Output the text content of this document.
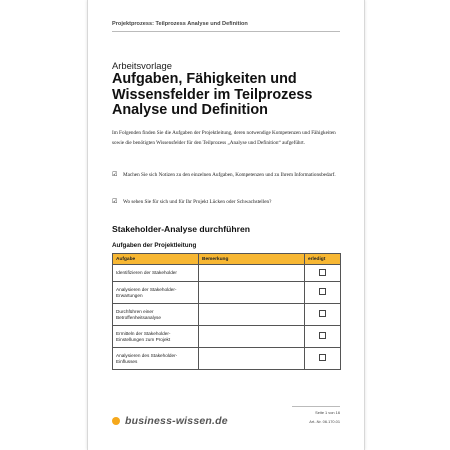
Projektprozess: Teilprozess Analyse und Definition
Arbeitsvorlage
Aufgaben, Fähigkeiten und Wissensfelder im Teilprozess Analyse und Definition
Im Folgenden finden Sie die Aufgaben der Projektleitung, deren notwendige Kompetenzen und Fähigkeiten sowie die benötigten Wissensfelder für den Teilprozess „Analyse und Definition“ aufgeführt.
☑	Machen Sie sich Notizen zu den einzelnen Aufgaben, Kompetenzen und zu Ihrem Informationsbedarf.
☑	Wo sehen Sie für sich und für Ihr Projekt Lücken oder Schwachstellen?
Stakeholder-Analyse durchführen
Aufgaben der Projektleitung
Aufgabe	Bemerkung	erledigt
Identifizieren der Stakeholder		
Analysieren der Stakeholder-Erwartungen		
Durchführen einer Betroffenheitsanalyse		
Ermitteln der Stakeholder-Einstellungen zum Projekt		
Analysieren des Stakeholder-Einflusses		
business-wissen.de
Seite 1 von 16
Art.-Nr. 06.170.01
